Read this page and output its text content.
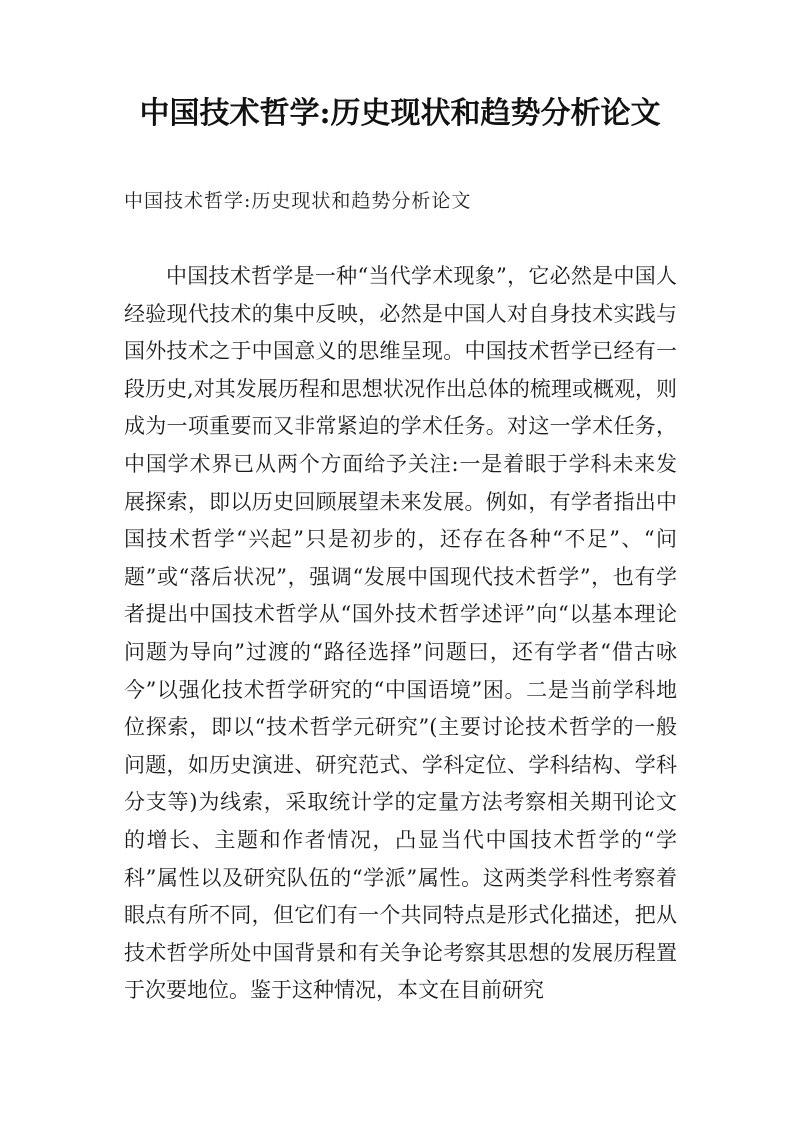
中国技术哲学:历史现状和趋势分析论文
中国技术哲学:历史现状和趋势分析论文

中国技术哲学是一种“当代学术现象”，它必然是中国人经验现代技术的集中反映，必然是中国人对自身技术实践与国外技术之于中国意义的思维呈现。中国技术哲学已经有一段历史,对其发展历程和思想状况作出总体的梳理或概观，则成为一项重要而又非常紧迫的学术任务。对这一学术任务，中国学术界已从两个方面给予关注:一是着眼于学科未来发展探索，即以历史回顾展望未来发展。例如，有学者指出中国技术哲学“兴起”只是初步的，还存在各种“不足”、“问题”或“落后状况”，强调“发展中国现代技术哲学”，也有学者提出中国技术哲学从“国外技术哲学述评”向“以基本理论问题为导向”过渡的“路径选择”问题曰，还有学者“借古咏今”以强化技术哲学研究的“中国语境”困。二是当前学科地位探索，即以“技术哲学元研究”(主要讨论技术哲学的一般问题，如历史演进、研究范式、学科定位、学科结构、学科分支等)为线索，采取统计学的定量方法考察相关期刊论文的增长、主题和作者情况，凸显当代中国技术哲学的“学科”属性以及研究队伍的“学派”属性。这两类学科性考察着眼点有所不同，但它们有一个共同特点是形式化描述，把从技术哲学所处中国背景和有关争论考察其思想的发展历程置于次要地位。鉴于这种情况，本文在目前研究
